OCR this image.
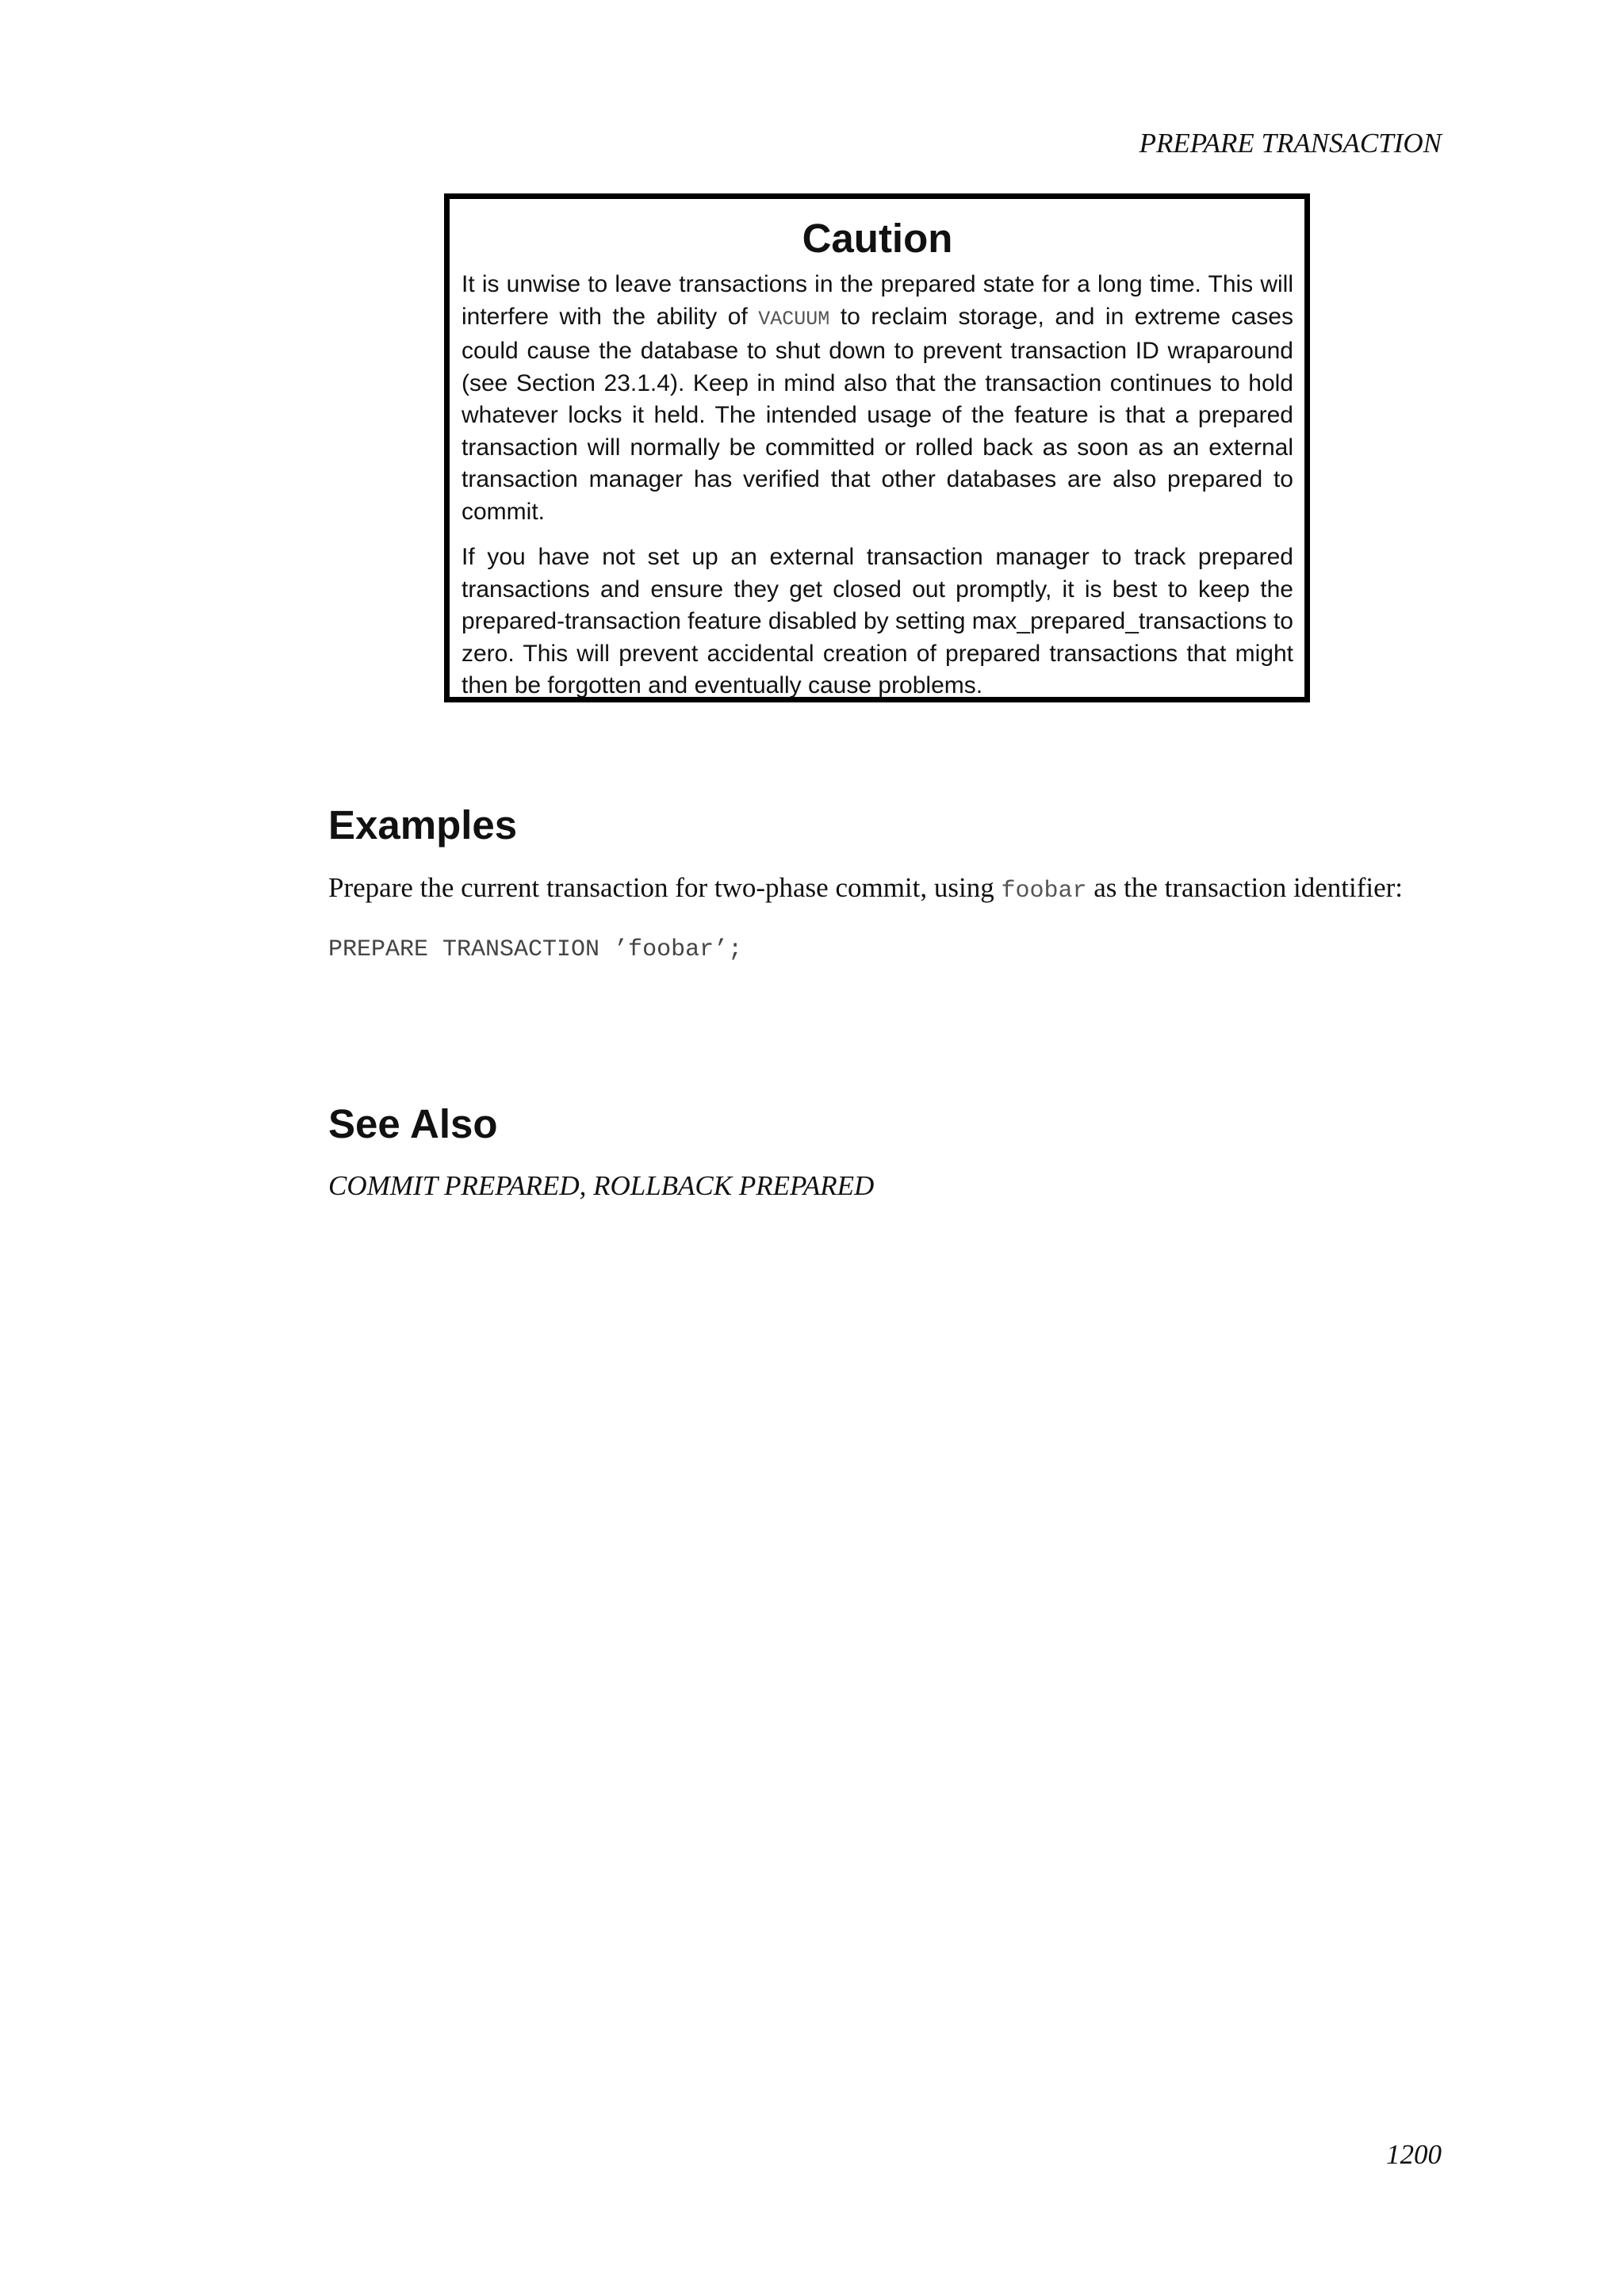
PREPARE TRANSACTION
Caution

It is unwise to leave transactions in the prepared state for a long time. This will interfere with the ability of VACUUM to reclaim storage, and in extreme cases could cause the database to shut down to prevent transaction ID wraparound (see Section 23.1.4). Keep in mind also that the transaction continues to hold whatever locks it held. The intended usage of the feature is that a prepared transaction will normally be committed or rolled back as soon as an external transaction manager has verified that other databases are also prepared to commit.

If you have not set up an external transaction manager to track prepared transactions and ensure they get closed out promptly, it is best to keep the prepared-transaction feature disabled by setting max_prepared_transactions to zero. This will prevent accidental creation of prepared transactions that might then be forgotten and eventually cause problems.

Examples

Prepare the current transaction for two-phase commit, using foobar as the transaction identifier:

PREPARE TRANSACTION ’foobar’;
See Also

COMMIT PREPARED, ROLLBACK PREPARED

1200
